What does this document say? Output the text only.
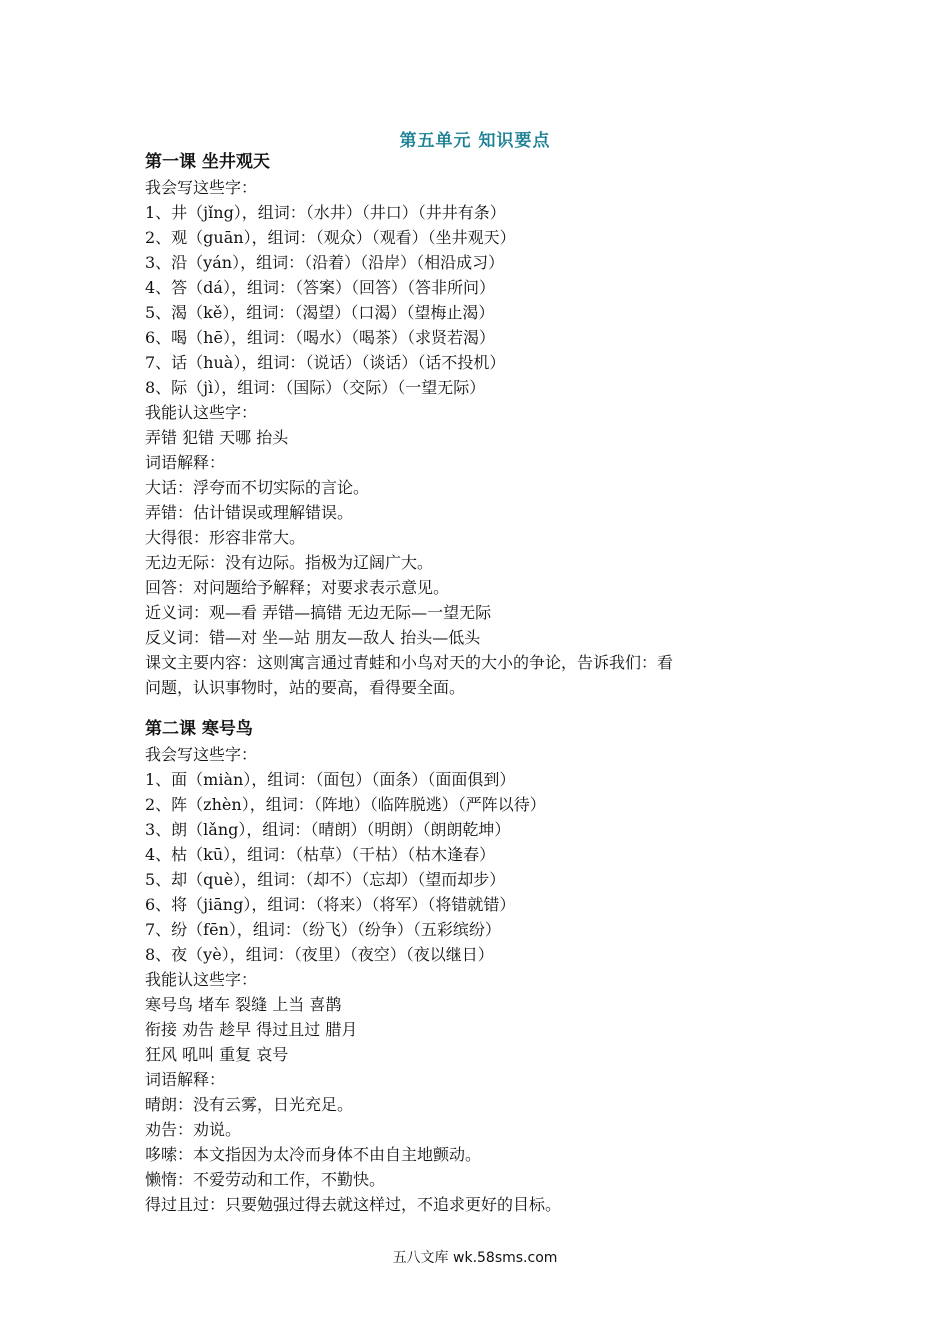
第五单元 知识要点
第一课 坐井观天
我会写这些字：
1、井（jǐng），组词：（水井）（井口）（井井有条）
2、观（guān），组词：（观众）（观看）（坐井观天）
3、沿（yán），组词：（沿着）（沿岸）（相沿成习）
4、答（dá），组词：（答案）（回答）（答非所问）
5、渴（kě），组词：（渴望）（口渴）（望梅止渴）
6、喝（hē），组词：（喝水）（喝茶）（求贤若渴）
7、话（huà），组词：（说话）（谈话）（话不投机）
8、际（jì），组词：（国际）（交际）（一望无际）
我能认这些字：
弄错 犯错 天哪 抬头
词语解释：
大话：浮夸而不切实际的言论。
弄错：估计错误或理解错误。
大得很：形容非常大。
无边无际：没有边际。指极为辽阔广大。
回答：对问题给予解释；对要求表示意见。
近义词：观—看 弄错—搞错 无边无际—一望无际
反义词：错—对 坐—站 朋友—敌人 抬头—低头
课文主要内容：这则寓言通过青蛙和小鸟对天的大小的争论，告诉我们：看
问题，认识事物时，站的要高，看得要全面。
第二课 寒号鸟
我会写这些字：
1、面（miàn），组词：（面包）（面条）（面面俱到）
2、阵（zhèn），组词：（阵地）（临阵脱逃）（严阵以待）
3、朗（lǎng），组词：（晴朗）（明朗）（朗朗乾坤）
4、枯（kū），组词：（枯草）（干枯）（枯木逢春）
5、却（què），组词：（却不）（忘却）（望而却步）
6、将（jiāng），组词：（将来）（将军）（将错就错）
7、纷（fēn），组词：（纷飞）（纷争）（五彩缤纷）
8、夜（yè），组词：（夜里）（夜空）（夜以继日）
我能认这些字：
寒号鸟 堵车 裂缝 上当 喜鹊
衔接 劝告 趁早 得过且过 腊月
狂风 吼叫 重复 哀号
词语解释：
晴朗：没有云雾，日光充足。
劝告：劝说。
哆嗦：本文指因为太冷而身体不由自主地颤动。
懒惰：不爱劳动和工作，不勤快。
得过且过：只要勉强过得去就这样过，不追求更好的目标。
五八文库 wk.58sms.com
